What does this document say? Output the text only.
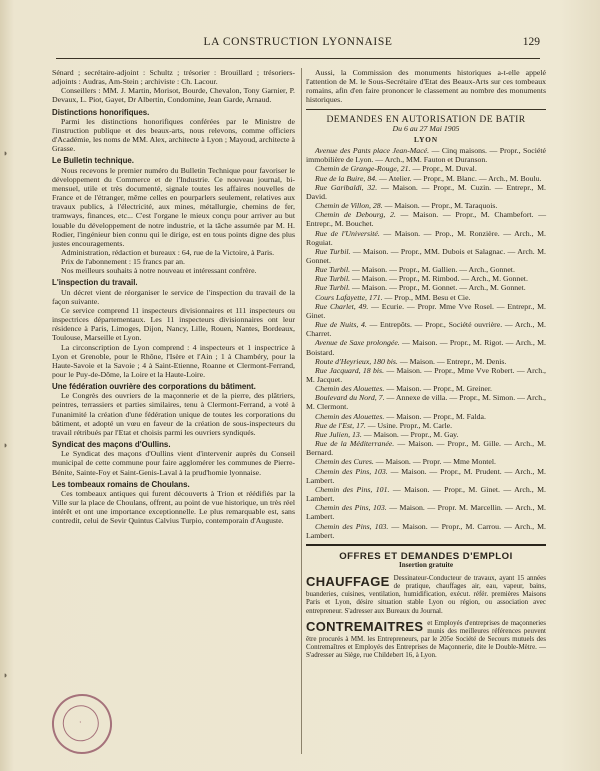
LA CONSTRUCTION LYONNAISE	129

Sénard ; secrétaire-adjoint : Schultz ; trésorier : Brouillard ; trésoriers-adjoints : Audras, Am-Stein ; archiviste : Ch. Lacour.

Conseillers : MM. J. Martin, Morisot, Bourde, Chevalon, Tony Garnier, P. Devaux, L. Piot, Gayet, Dr Albertin, Condomine, Jean Garde, Arnaud.

Distinctions honorifiques.

Parmi les distinctions honorifiques conférées par le Ministre de l'instruction publique et des beaux-arts, nous relevons, comme officiers d'Académie, les noms de MM. Alex, architecte à Lyon ; Mayoud, architecte à Grasse.

Le Bulletin technique.

Nous recevons le premier numéro du Bulletin Technique pour favoriser le développement du Commerce et de l'Industrie. Ce nouveau journal, bi-mensuel, utile et très documenté, signale toutes les affaires nouvelles de France et de l'étranger, même celles en pourparlers seulement, relatives aux travaux publics, à l'électricité, aux mines, métallurgie, chemins de fer, tramways, finances, etc... C'est l'organe le mieux conçu pour arriver au but louable du développement de notre industrie, et la tâche assumée par M. H. Rodier, l'ingénieur bien connu qui le dirige, est en tous points digne des plus justes encouragements.

Administration, rédaction et bureaux : 64, rue de la Victoire, à Paris.

Prix de l'abonnement : 15 francs par an.

Nos meilleurs souhaits à notre nouveau et intéressant confrère.

L'inspection du travail.

Un décret vient de réorganiser le service de l'inspection du travail de la façon suivante.

Ce service comprend 11 inspecteurs divisionnaires et 111 inspecteurs ou inspectrices départementaux. Les 11 inspecteurs divisionnaires ont leur résidence à Paris, Limoges, Dijon, Nancy, Lille, Rouen, Nantes, Bordeaux, Toulouse, Marseille et Lyon.

La circonscription de Lyon comprend : 4 inspecteurs et 1 inspectrice à Lyon et Grenoble, pour le Rhône, l'Isère et l'Ain ; 1 à Chambéry, pour la Haute-Savoie et la Savoie ; 4 à Saint-Etienne, Roanne et Clermont-Ferrand, pour le Puy-de-Dôme, la Loire et la Haute-Loire.

Une fédération ouvrière des corporations du bâtiment.

Le Congrès des ouvriers de la maçonnerie et de la pierre, des plâtriers, peintres, terrassiers et parties similaires, tenu à Clermont-Ferrand, a voté à l'unanimité la création d'une fédération unique de toutes les corporations du bâtiment, et adopté un vœu en faveur de la création de sous-inspecteurs du travail rétribués par l'Etat et choisis parmi les ouvriers syndiqués.

Syndicat des maçons d'Oullins.

Le Syndicat des maçons d'Oullins vient d'intervenir auprès du Conseil municipal de cette commune pour faire agglomérer les communes de Pierre-Bénite, Sainte-Foy et Saint-Genis-Laval à la prud'homie lyonnaise.

Les tombeaux romains de Choulans.

Ces tombeaux antiques qui furent découverts à Trion et réédifiés par la Ville sur la place de Choulans, offrent, au point de vue historique, un très réel intérêt et ont une importance exceptionnelle. Le plus remarquable est, sans contredit, celui de Sevir Quintus Calvius Turpio, contemporain d'Auguste.

Aussi, la Commission des monuments historiques a-t-elle appelé l'attention de M. le Sous-Secrétaire d'Etat des Beaux-Arts sur ces tombeaux romains, afin d'en faire prononcer le classement au nombre des monuments historiques.

DEMANDES EN AUTORISATION DE BATIR

Du 6 au 27 Mai 1905

LYON

Avenue des Pants place Jean-Macé. — Cinq maisons. — Propr., Société immobilière de Lyon. — Arch., MM. Fauton et Duranson.

Chemin de Grange-Rouge, 21. — Propr., M. Duval.

Rue de la Buire, 84. — Atelier. — Propr., M. Blanc. — Arch., M. Boulu.

Rue Garibaldi, 32. — Maison. — Propr., M. Cuzin. — Entrepr., M. David.

Chemin de Villon, 28. — Maison. — Propr., M. Taraquois.

Chemin de Debourg, 2. — Maison. — Propr., M. Chambefort. — Entrepr., M. Bouchet.

Rue de l'Université. — Maison. — Prop., M. Ronzière. — Arch., M. Roguiat.

Rue Turbil. — Maison. — Propr., MM. Dubois et Salagnac. — Arch. M. Gonnet.

Rue Turbil. — Maison. — Propr., M. Gallien. — Arch., Gonnet.

Rue Turbil. — Maison. — Propr., M. Rimbod. — Arch., M. Gonnet.

Rue Turbil. — Maison. — Propr., M. Gonnet. — Arch., M. Gonnet.

Cours Lafayette, 171. — Prop., MM. Besu et Cie.

Rue Charlet, 49. — Ecurie. — Propr. Mme Vve Rosel. — Entrepr., M. Ginet.

Rue de Nuits, 4. — Entrepôts. — Propr., Société ouvrière. — Arch., M. Charret.

Avenue de Saxe prolongée. — Maison. — Propr., M. Rigot. — Arch., M. Boistard.

Route d'Heyrieux, 180 bis. — Maison. — Entrepr., M. Denis.

Rue Jacquard, 18 bis. — Maison. — Propr., Mme Vve Robert. — Arch., M. Jacquet.

Chemin des Alouettes. — Maison. — Propr., M. Greiner.

Boulevard du Nord, 7. — Annexe de villa. — Propr., M. Simon. — Arch., M. Clermont.

Chemin des Alouettes. — Maison. — Propr., M. Falda.

Rue de l'Est, 17. — Usine. Propr., M. Carle.

Rue Julien, 13. — Maison. — Propr., M. Gay.

Rue de la Méditerranée. — Maison. — Propr., M. Gille. — Arch., M. Bernard.

Chemin des Cures. — Maison. — Propr. — Mme Montel.

Chemin des Pins, 103. — Maison. — Propr., M. Prudent. — Arch., M. Lambert.

Chemin des Pins, 101. — Maison. — Propr., M. Ginet. — Arch., M. Lambert.

Chemin des Pins, 103. — Maison. — Propr. M. Marcellin. — Arch., M. Lambert.

Chemin des Pins, 103. — Maison. — Propr., M. Carrou. — Arch., M. Lambert.

OFFRES ET DEMANDES D'EMPLOI

Insertion gratuite

CHAUFFAGE Dessinateur-Conducteur de travaux, ayant 15 années de pratique, chauffages air, eau, vapeur, bains, buanderies, cuisines, ventilation, humidification, exécut. référ. premières Maisons Paris et Lyon, désire situation stable Lyon ou région, ou association avec entrepreneur. S'adresser aux Bureaux du Journal.

CONTREMAITRES et Employés d'entreprises de maçonneries munis des meilleures références peuvent être procurés à MM. les Entrepreneurs, par le 205e Société de Secours mutuels des Contremaîtres et Employés des Entreprises de Maçonnerie, dite le Double-Mètre. — S'adresser au Siège, rue Childebert 16, à Lyon.

·
◗
◗
◗
